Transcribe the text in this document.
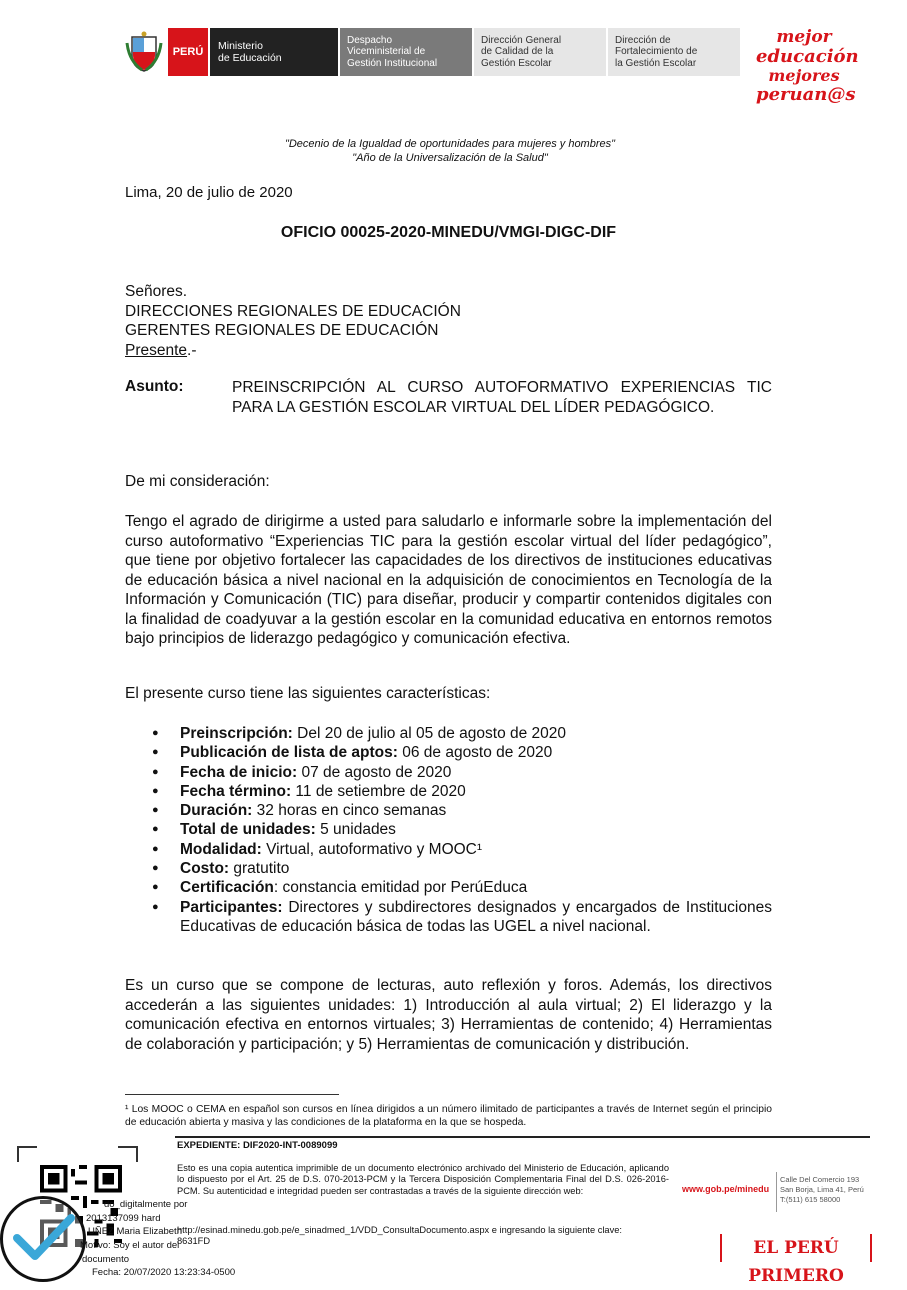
PERÚ	Ministerio
de Educación
Despacho
Viceministerial de
Gestión Institucional
Dirección General
de Calidad de la
Gestión Escolar
Dirección de
Fortalecimiento de
la Gestión Escolar
mejor
educación
mejores
peruan@s
"Decenio de la Igualdad de oportunidades para mujeres y hombres"
"Año de la Universalización de la Salud"
Lima, 20 de julio de 2020
OFICIO 00025-2020-MINEDU/VMGI-DIGC-DIF
Señores.
DIRECCIONES REGIONALES DE EDUCACIÓN
GERENTES REGIONALES DE EDUCACIÓN
Presente.-
Asunto:	PREINSCRIPCIÓN AL CURSO AUTOFORMATIVO EXPERIENCIAS TIC PARA LA GESTIÓN ESCOLAR VIRTUAL DEL LÍDER PEDAGÓGICO.
De mi consideración:
Tengo el agrado de dirigirme a usted para saludarlo e informarle sobre la implementación del curso autoformativo “Experiencias TIC para la gestión escolar virtual del líder pedagógico”, que tiene por objetivo fortalecer las capacidades de los directivos de instituciones educativas de educación básica a nivel nacional en la adquisición de conocimientos en Tecnología de la Información y Comunicación (TIC) para diseñar, producir y compartir contenidos digitales con la finalidad de coadyuvar a la gestión escolar en la comunidad educativa en entornos remotos bajo principios de liderazgo pedagógico y comunicación efectiva.
El presente curso tiene las siguientes características:
● Preinscripción: Del 20 de julio al 05 de agosto de 2020
● Publicación de lista de aptos: 06 de agosto de 2020
● Fecha de inicio: 07 de agosto de 2020
● Fecha término: 11 de setiembre de 2020
● Duración: 32 horas en cinco semanas
● Total de unidades: 5 unidades
● Modalidad: Virtual, autoformativo y MOOC¹
● Costo: gratutito
● Certificación: constancia emitidad por PerúEduca
● Participantes: Directores y subdirectores designados y encargados de Instituciones Educativas de educación básica de todas las UGEL a nivel nacional.
Es un curso que se compone de lecturas, auto reflexión y foros. Además, los directivos accederán a las siguientes unidades: 1) Introducción al aula virtual; 2) El liderazgo y la comunicación efectiva en entornos virtuales; 3) Herramientas de contenido; 4) Herramientas de colaboración y participación; y 5) Herramientas de comunicación y distribución.
¹ Los MOOC o CEMA en español son cursos en línea dirigidos a un número ilimitado de participantes a través de Internet según el principio de educación abierta y masiva y las condiciones de la plataforma en la que se hospeda.
EXPEDIENTE: DIF2020-INT-0089099
Esto es una copia autentica imprimible de un documento electrónico archivado del Ministerio de Educación, aplicando lo dispuesto por el Art. 25 de D.S. 070-2013-PCM y la Tercera Disposición Complementaria Final del D.S. 026-2016-PCM. Su autenticidad e integridad pueden ser contrastadas a través de la siguiente dirección web:
http://esinad.minedu.gob.pe/e_sinadmed_1/VDD_ConsultaDocumento.aspx e ingresando la siguiente clave: 8631FD
www.gob.pe/minedu
Calle Del Comercio 193
San Borja, Lima 41, Perú
T:(511) 615 58000
EL PERÚ PRIMERO
do_digitalmente por
2013137099 hard
UÑEZ Maria Elizabeth
Motivo: Soy el autor del
documento
Fecha: 20/07/2020 13:23:34-0500
